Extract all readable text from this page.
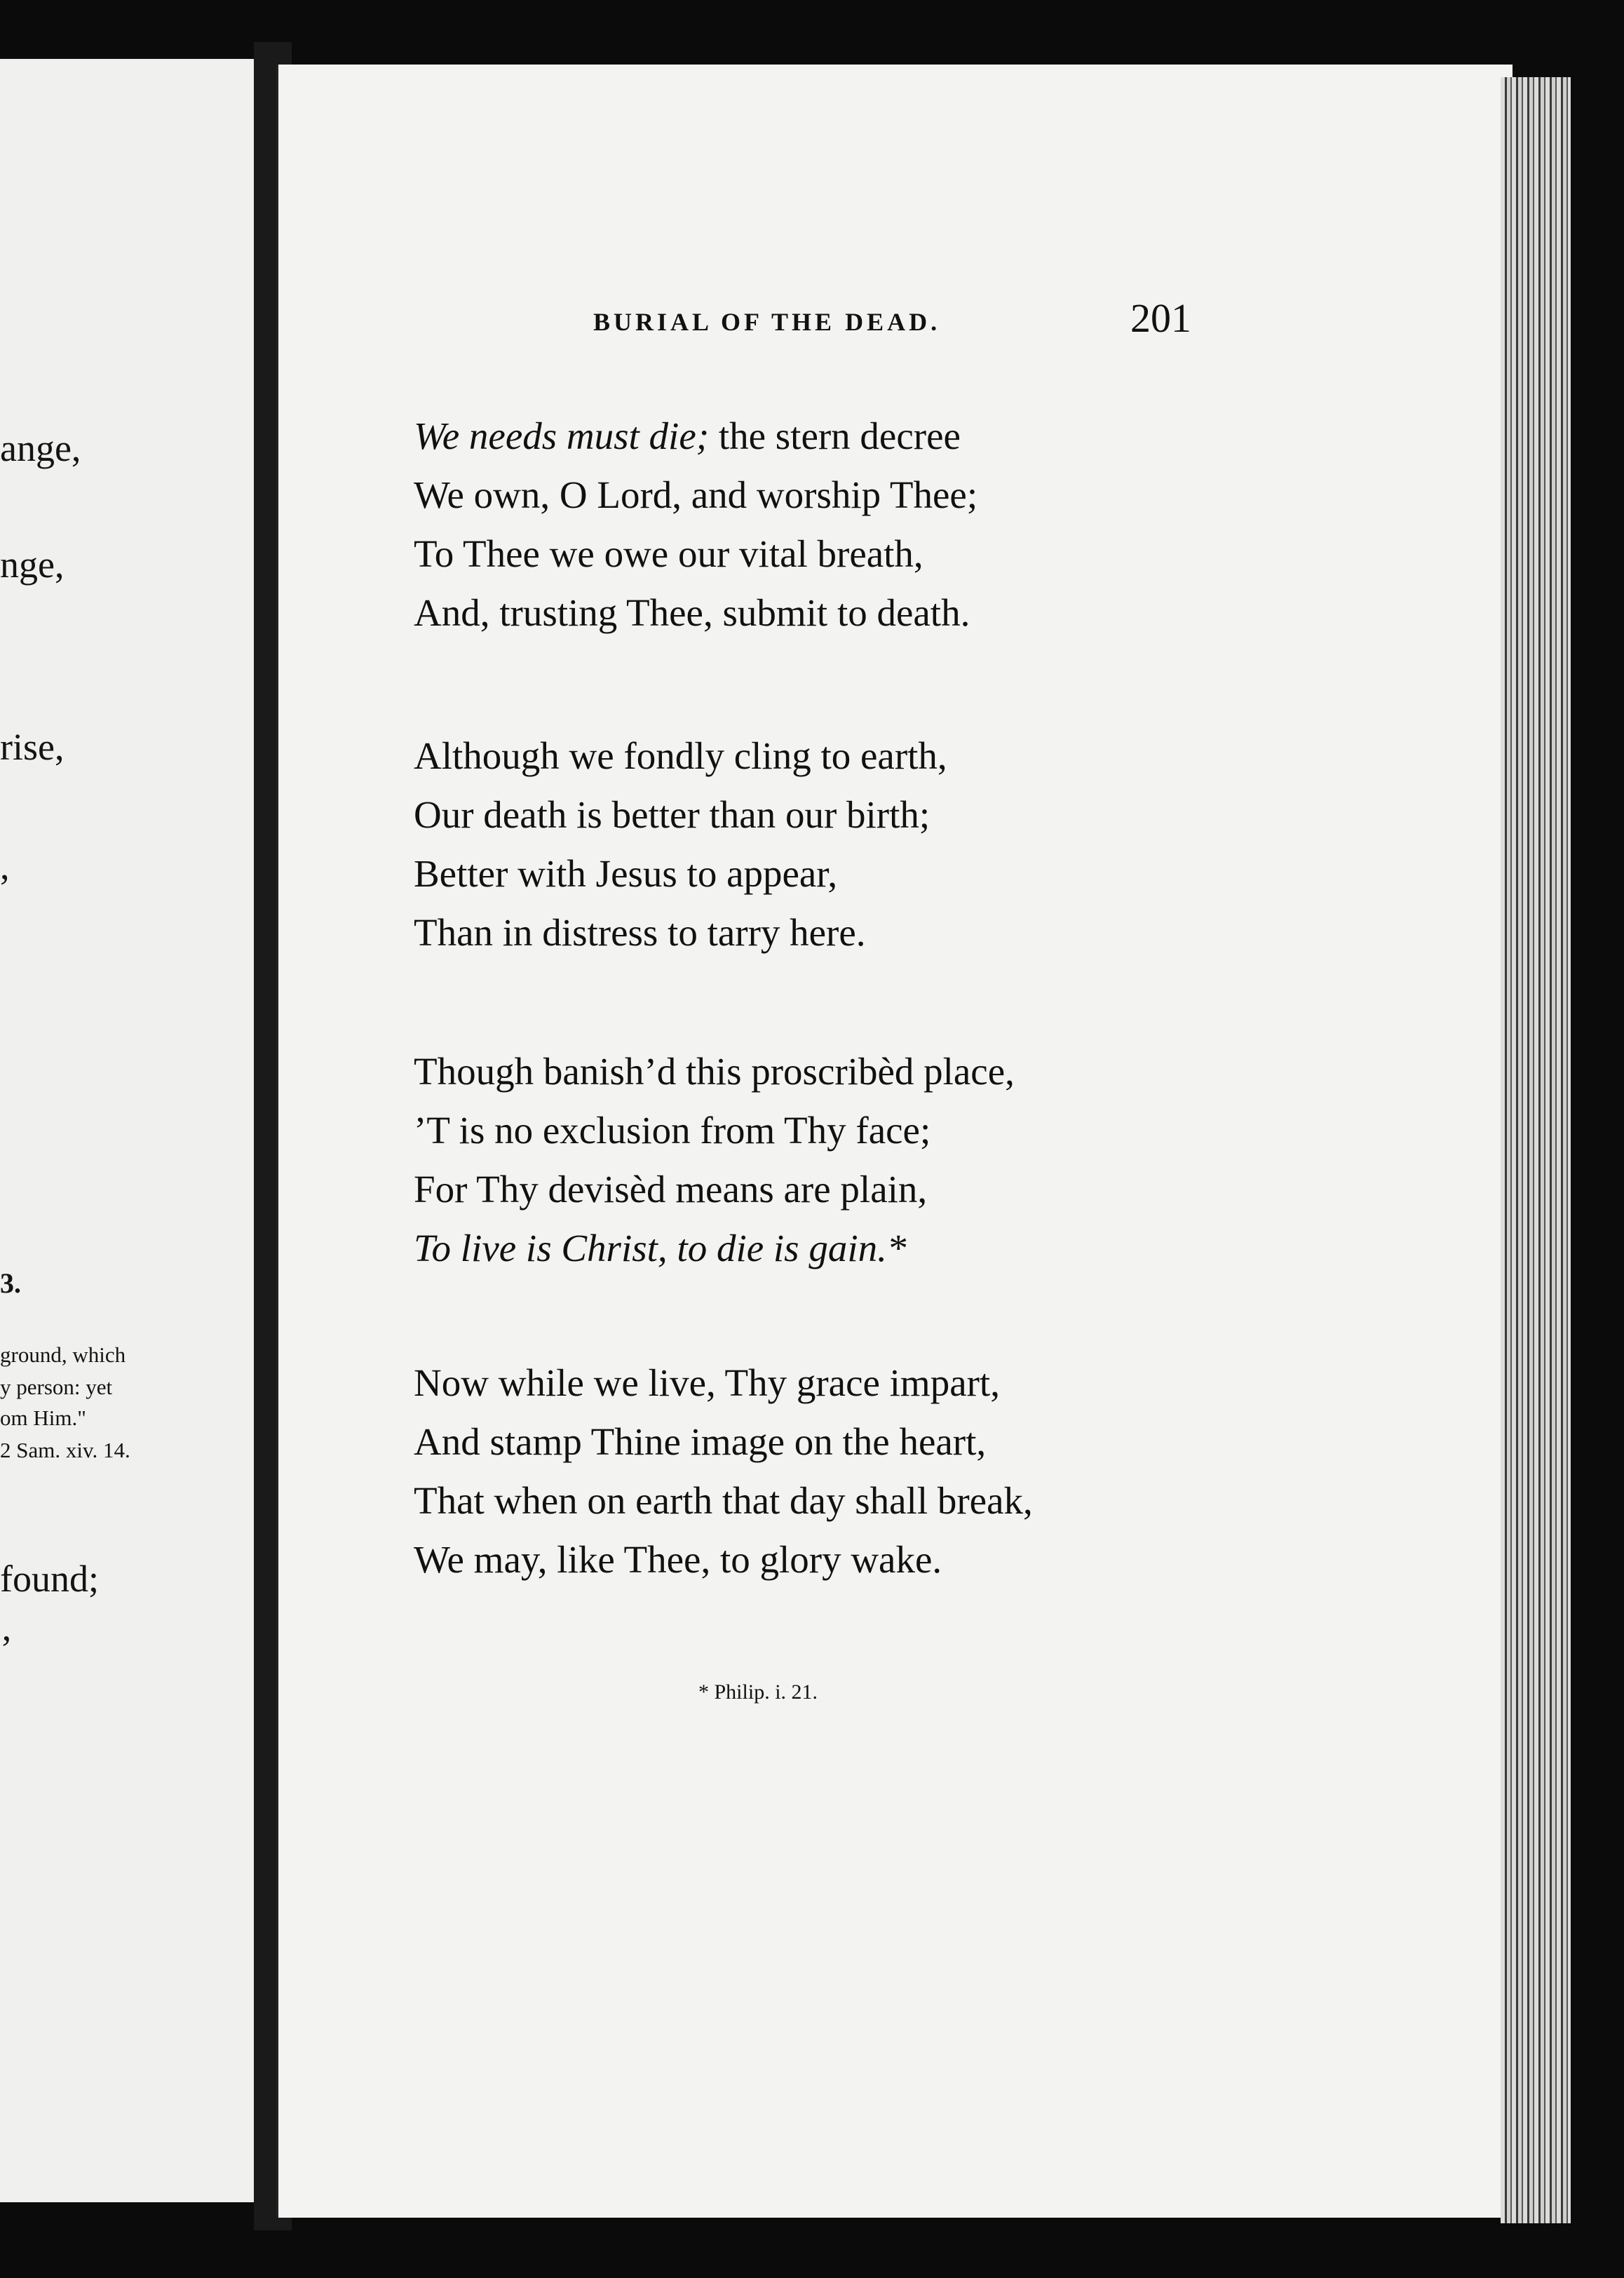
ange,
nge,
rise,
,
3.
ground, which
y person: yet
om Him."
2 Sam. xiv. 14.
found;
’
BURIAL OF THE DEAD.	201
We needs must die; the stern decree
We own, O Lord, and worship Thee;
To Thee we owe our vital breath,
And, trusting Thee, submit to death.
Although we fondly cling to earth,
Our death is better than our birth;
Better with Jesus to appear,
Than in distress to tarry here.
Though banish’d this proscribèd place,
’T is no exclusion from Thy face;
For Thy devisèd means are plain,
To live is Christ, to die is gain.*
Now while we live, Thy grace impart,
And stamp Thine image on the heart,
That when on earth that day shall break,
We may, like Thee, to glory wake.
* Philip. i. 21.
